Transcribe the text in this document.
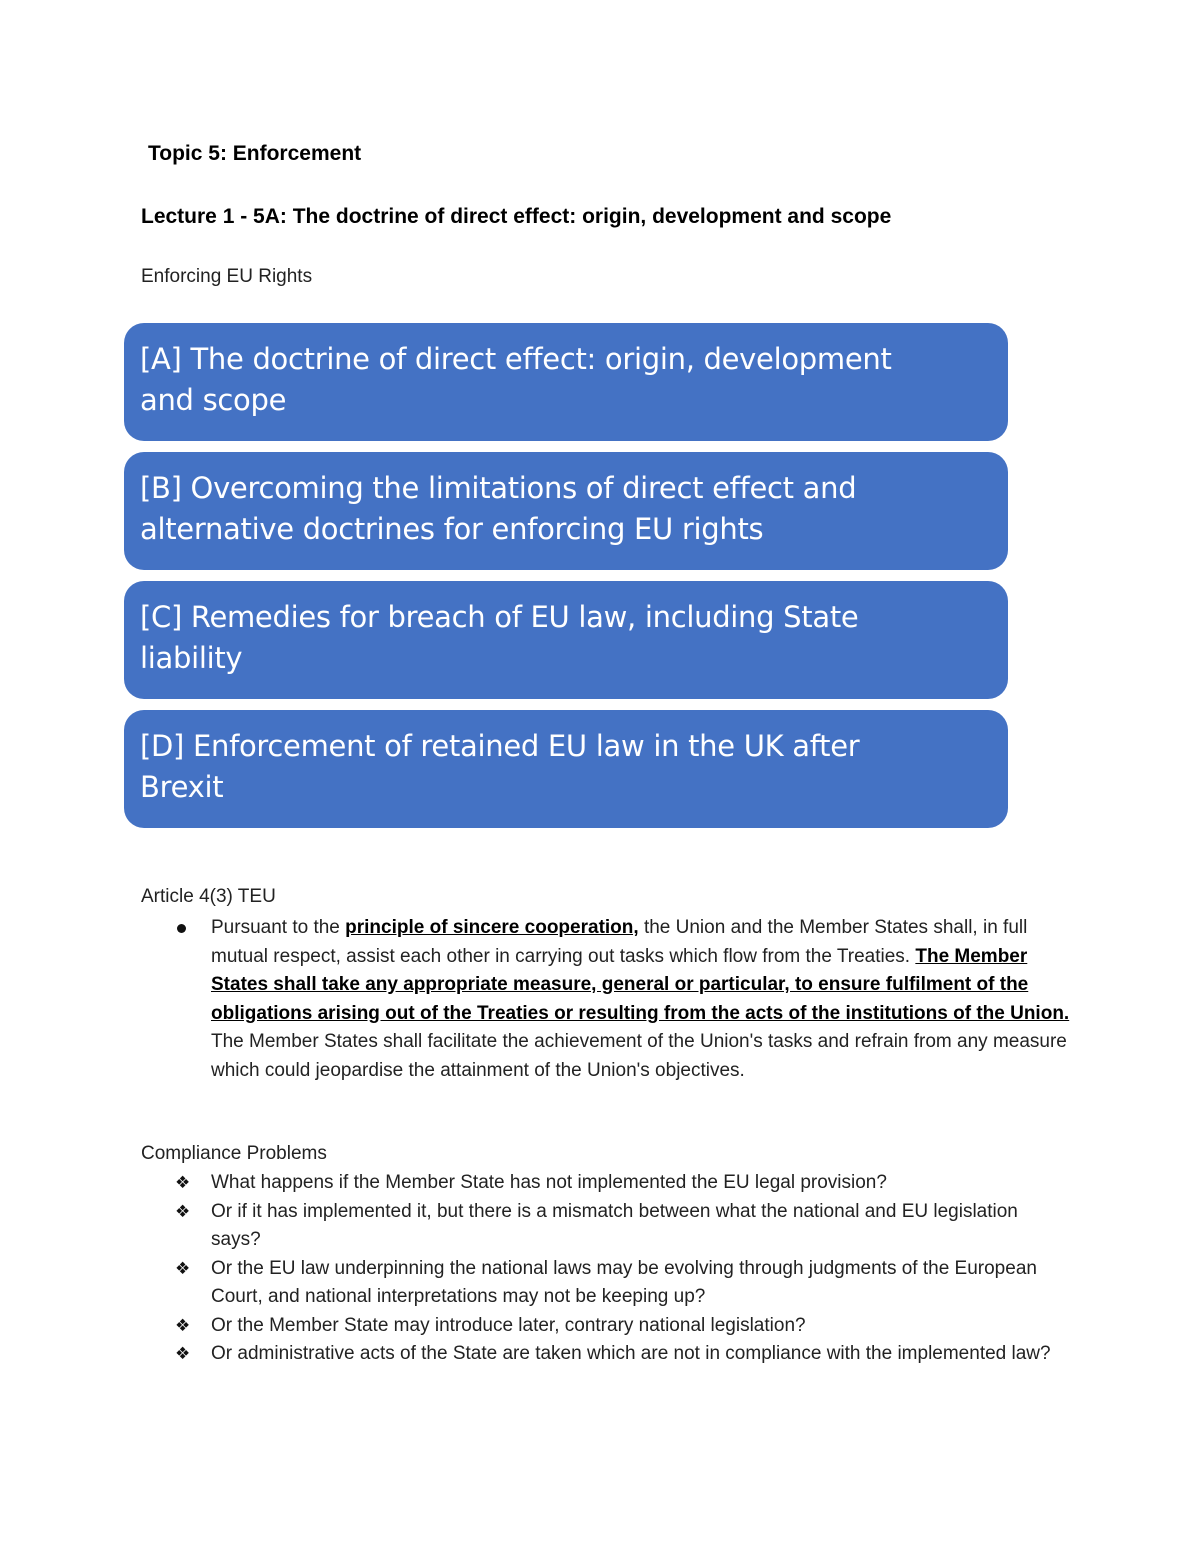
Topic 5: Enforcement
Lecture 1 - 5A: The doctrine of direct effect: origin, development and scope
Enforcing EU Rights
[A] The doctrine of direct effect: origin, development
and scope
[B] Overcoming the limitations of direct effect and
alternative doctrines for enforcing EU rights
[C] Remedies for breach of EU law, including State
liability
[D] Enforcement of retained EU law in the UK after
Brexit
Article 4(3) TEU
Pursuant to the principle of sincere cooperation, the Union and the Member States shall, in full mutual respect, assist each other in carrying out tasks which flow from the Treaties. The Member States shall take any appropriate measure, general or particular, to ensure fulfilment of the obligations arising out of the Treaties or resulting from the acts of the institutions of the Union. The Member States shall facilitate the achievement of the Union's tasks and refrain from any measure which could jeopardise the attainment of the Union's objectives.
Compliance Problems
❖ What happens if the Member State has not implemented the EU legal provision?
❖ Or if it has implemented it, but there is a mismatch between what the national and EU legislation says?
❖ Or the EU law underpinning the national laws may be evolving through judgments of the European Court, and national interpretations may not be keeping up?
❖ Or the Member State may introduce later, contrary national legislation?
❖ Or administrative acts of the State are taken which are not in compliance with the implemented law?
